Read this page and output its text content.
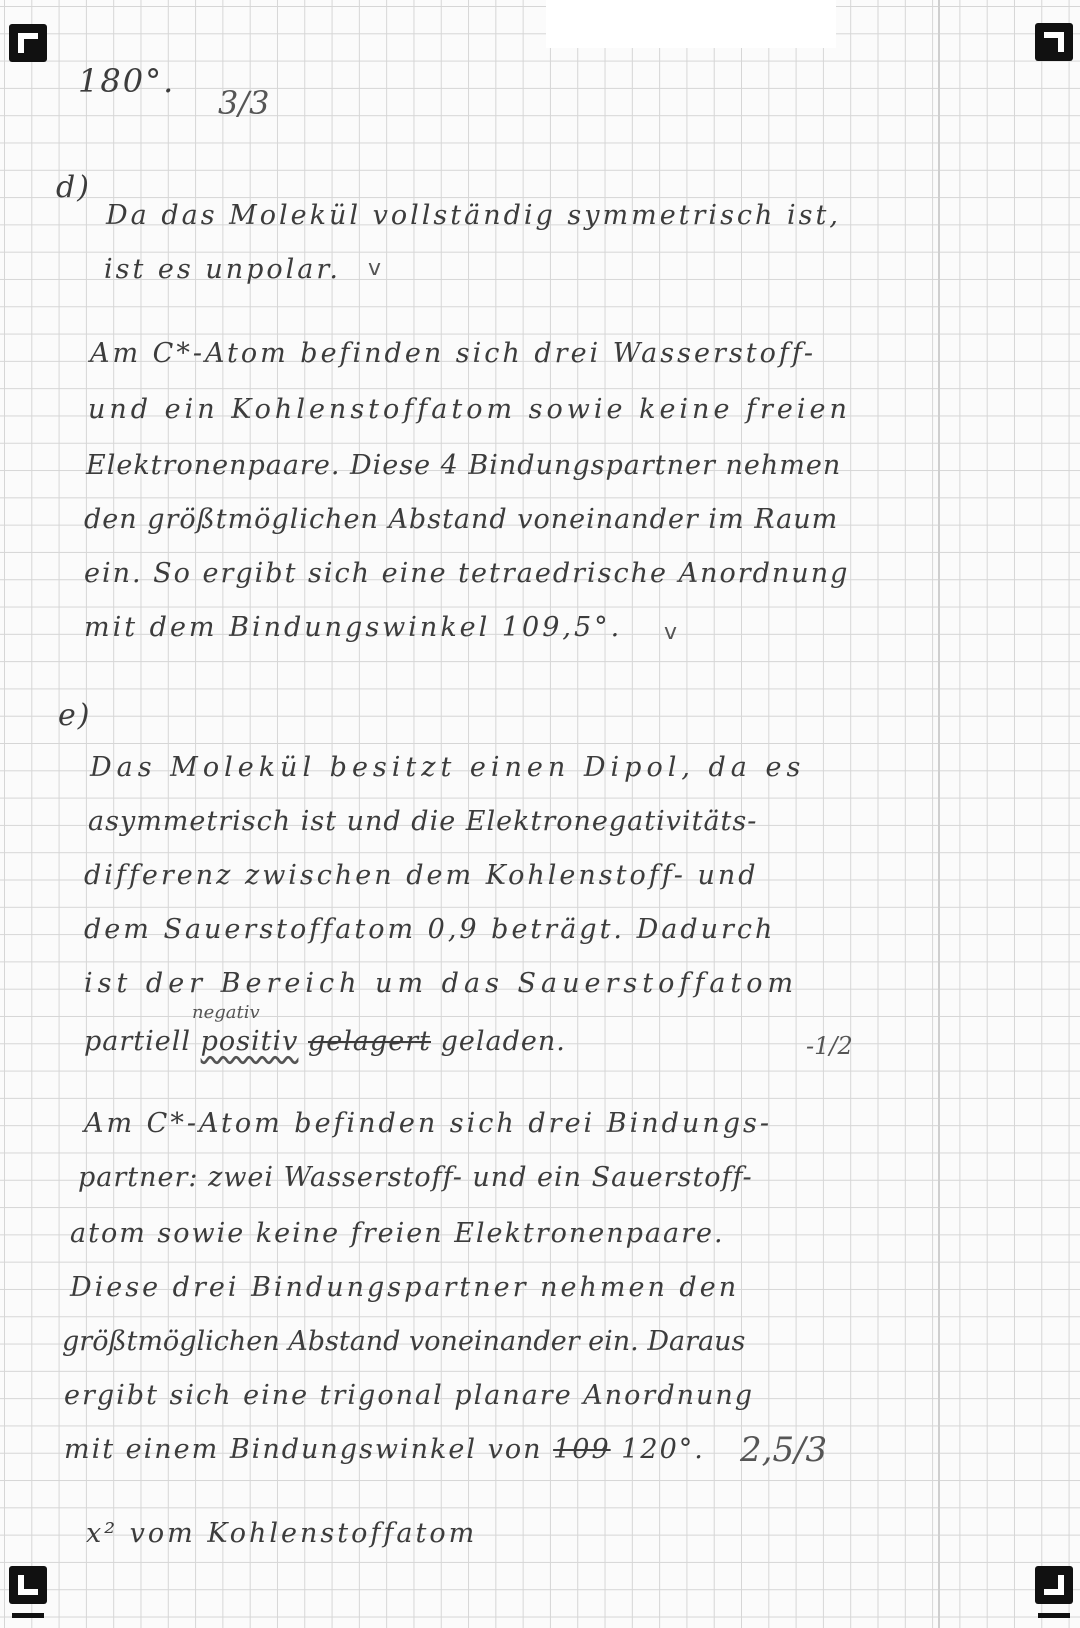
180°.
3/3
d)
Da das Molekül vollständig symmetrisch ist,
ist es unpolar. v
Am C*-Atom befinden sich drei Wasserstoff-
und ein Kohlenstoffatom sowie keine freien
Elektronenpaare. Diese 4 Bindungspartner nehmen
den größtmöglichen Abstand voneinander im Raum
ein. So ergibt sich eine tetraedrische Anordnung
mit dem Bindungswinkel 109,5°. v
e)
Das Molekül besitzt einen Dipol, da es
asymmetrisch ist und die Elektronegativitäts-
differenz zwischen dem Kohlenstoff- und
dem Sauerstoffatom 0,9 beträgt. Dadurch
ist der Bereich um das Sauerstoffatom
negativ
partiell positiv gelagert geladen.	-1/2
Am C*-Atom befinden sich drei Bindungs-
partner: zwei Wasserstoff- und ein Sauerstoff-
atom sowie keine freien Elektronenpaare.
Diese drei Bindungspartner nehmen den
größtmöglichen Abstand voneinander ein. Daraus
ergibt sich eine trigonal planare Anordnung
mit einem Bindungswinkel von 109 120°. 2,5/3
x² vom Kohlenstoffatom
